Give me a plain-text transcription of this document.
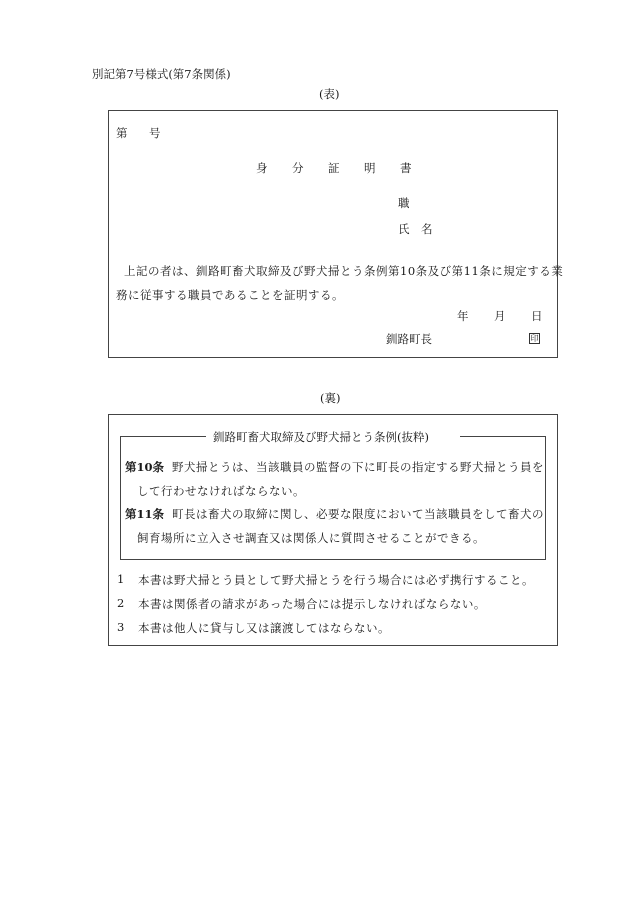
別記第7号様式(第7条関係)
(表)
第 号
身 分 証 明 書
職
氏 名
上記の者は、釧路町畜犬取締及び野犬掃とう条例第10条及び第11条に規定する業
務に従事する職員であることを証明する。
年 月 日
釧路町長	印
(裏)
釧路町畜犬取締及び野犬掃とう条例(抜粋)
第10条 野犬掃とうは、当該職員の監督の下に町長の指定する野犬掃とう員を
して行わせなければならない。
第11条 町長は畜犬の取締に関し、必要な限度において当該職員をして畜犬の
飼育場所に立入させ調査又は関係人に質問させることができる。
1 本書は野犬掃とう員として野犬掃とうを行う場合には必ず携行すること。
2 本書は関係者の請求があった場合には提示しなければならない。
3 本書は他人に貸与し又は譲渡してはならない。
